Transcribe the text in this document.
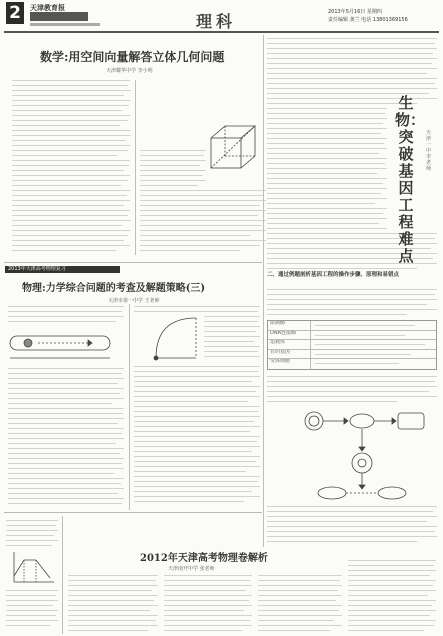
2	天津教育报
理科	2013年5月16日 星期四
责任编辑 龚兰 电话 13801369156
数学:用空间向量解答立体几何问题
天津耀华中学 李小明
生物：突破基因工程难点
天津一中 李老师
二、通过例题剖析基因工程的操作步骤、原理和易错点
限制酶
DNA连接酶
运载体
目的基因
受体细胞
2013年天津高考物理复习
物理:力学综合问题的考查及解题策略(三)
天津市第一中学 王老师
2012年天津高考物理卷解析
天津南开中学 张老师
